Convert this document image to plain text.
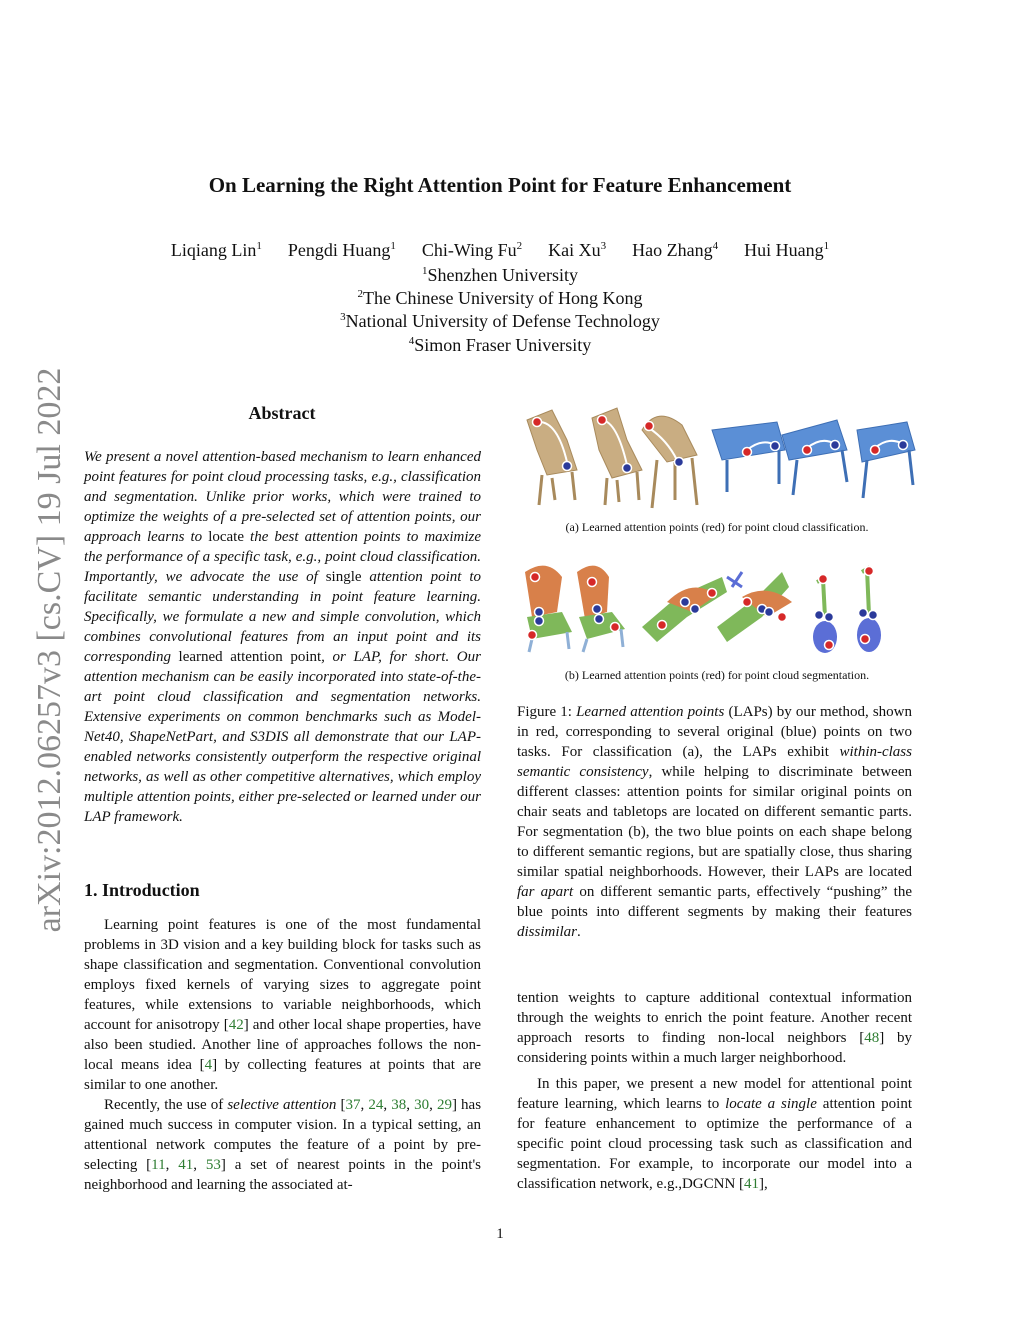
arXiv:2012.06257v3 [cs.CV] 19 Jul 2022
On Learning the Right Attention Point for Feature Enhancement
Liqiang Lin$^1$ Pengdi Huang$^1$ Chi-Wing Fu$^2$ Kai Xu$^3$ Hao Zhang$^4$ Hui Huang$^1$
$^1$Shenzhen University
$^2$The Chinese University of Hong Kong
$^3$National University of Defense Technology
$^4$Simon Fraser University
Abstract
We present a novel attention-based mechanism to learn enhanced point features for point cloud processing tasks, e.g., classification and segmentation. Unlike prior works, which were trained to optimize the weights of a pre-selected set of attention points, our approach learns to locate the best attention points to maximize the performance of a specific task, e.g., point cloud classification. Importantly, we advocate the use of single attention point to facilitate semantic understanding in point feature learning. Specifically, we formulate a new and simple convolution, which combines convolutional features from an input point and its corresponding learned attention point, or LAP, for short. Our attention mechanism can be easily incorporated into state-of-the-art point cloud classification and segmentation networks. Extensive experiments on common benchmarks such as Model-Net40, ShapeNetPart, and S3DIS all demonstrate that our LAP-enabled networks consistently outperform the respective original networks, as well as other competitive alternatives, which employ multiple attention points, either pre-selected or learned under our LAP framework.
1. Introduction
Learning point features is one of the most fundamental problems in 3D vision and a key building block for tasks such as shape classification and segmentation. Conventional convolution employs fixed kernels of varying sizes to aggregate point features, while extensions to variable neighborhoods, which account for anisotropy [42] and other local shape properties, have also been studied. Another line of approaches follows the non-local means idea [4] by collecting features at points that are similar to one another.
Recently, the use of selective attention [37, 24, 38, 30, 29] has gained much success in computer vision. In a typical setting, an attentional network computes the feature of a point by pre-selecting [11, 41, 53] a set of nearest points in the point's neighborhood and learning the associated at-
(a) Learned attention points (red) for point cloud classification.
(b) Learned attention points (red) for point cloud segmentation.
Figure 1: Learned attention points (LAPs) by our method, shown in red, corresponding to several original (blue) points on two tasks. For classification (a), the LAPs exhibit within-class semantic consistency, while helping to discriminate between different classes: attention points for similar original points on chair seats and tabletops are located on different semantic parts. For segmentation (b), the two blue points on each shape belong to different semantic regions, but are spatially close, thus sharing similar spatial neighborhoods. However, their LAPs are located far apart on different semantic parts, effectively “pushing” the blue points into different segments by making their features dissimilar.
tention weights to capture additional contextual information through the weights to enrich the point feature. Another recent approach resorts to finding non-local neighbors [48] by considering points within a much larger neighborhood.
In this paper, we present a new model for attentional point feature learning, which learns to locate a single attention point for feature enhancement to optimize the performance of a specific point cloud processing task such as classification and segmentation. For example, to incorporate our model into a classification network, e.g.,DGCNN [41],
1
